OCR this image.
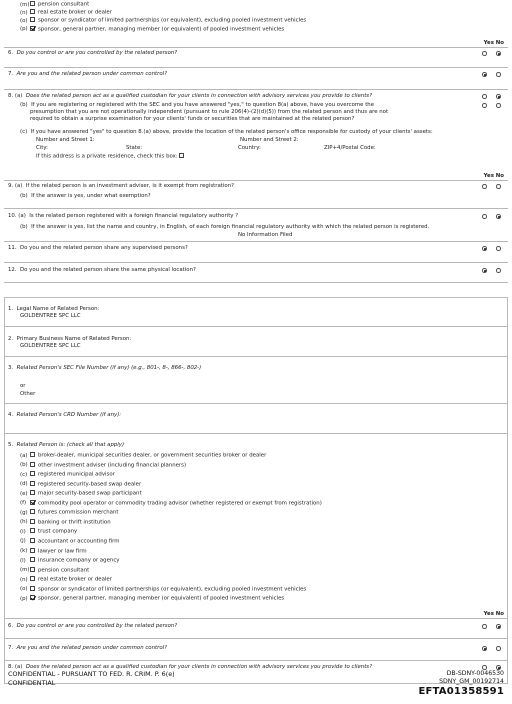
(m) pension consultant
(n) real estate broker or dealer
(o) sponsor or syndicator of limited partnerships (or equivalent), excluding pooled investment vehicles
(p) sponsor, general partner, managing member (or equivalent) of pooled investment vehicles
Yes No
6. Do you control or are you controlled by the related person?
7. Are you and the related person under common control?
8. (a) Does the related person act as a qualified custodian for your clients in connection with advisory services you provide to clients?
(b) If you are registering or registered with the SEC and you have answered "yes," to question 8(a) above, have you overcome the
presumption that you are not operationally independent (pursuant to rule 206(4)-(2)(d)(5)) from the related person and thus are not
required to obtain a surprise examination for your clients' funds or securities that are maintained at the related person?
(c) If you have answered "yes" to question 8.(a) above, provide the location of the related person's office responsible for custody of your clients' assets:
Number and Street 1:	Number and Street 2:
City:	State:	Country:	ZIP+4/Postal Code:
If this address is a private residence, check this box:
Yes No
9. (a) If the related person is an investment adviser, is it exempt from registration?
(b) If the answer is yes, under what exemption?
10. (a) Is the related person registered with a foreign financial regulatory authority ?
(b) If the answer is yes, list the name and country, in English, of each foreign financial regulatory authority with which the related person is registered.
No Information Filed
11. Do you and the related person share any supervised persons?
12. Do you and the related person share the same physical location?
1. Legal Name of Related Person:
GOLDENTREE SPC LLC
2. Primary Business Name of Related Person:
GOLDENTREE SPC LLC
3. Related Person's SEC File Number (if any) (e.g., 801-, 8-, 866-, 802-)
or
Other
4. Related Person's CRD Number (if any):
5. Related Person is: (check all that apply)
(a) broker-dealer, municipal securities dealer, or government securities broker or dealer
(b) other investment adviser (including financial planners)
(c) registered municipal advisor
(d) registered security-based swap dealer
(e) major security-based swap participant
(f) commodity pool operator or commodity trading advisor (whether registered or exempt from registration)
(g) futures commission merchant
(h) banking or thrift institution
(i) trust company
(j) accountant or accounting firm
(k) lawyer or law firm
(l) insurance company or agency
(m) pension consultant
(n) real estate broker or dealer
(o) sponsor or syndicator of limited partnerships (or equivalent), excluding pooled investment vehicles
(p) sponsor, general partner, managing member (or equivalent) of pooled investment vehicles
Yes No
6. Do you control or are you controlled by the related person?
7. Are you and the related person under common control?
8. (a) Does the related person act as a qualified custodian for your clients in connection with advisory services you provide to clients?
CONFIDENTIAL - PURSUANT TO FED. R. CRIM. P. 6(e)
CONFIDENTIAL
DB-SDNY-0046530
SDNY_GM_00192714
EFTA01358591
